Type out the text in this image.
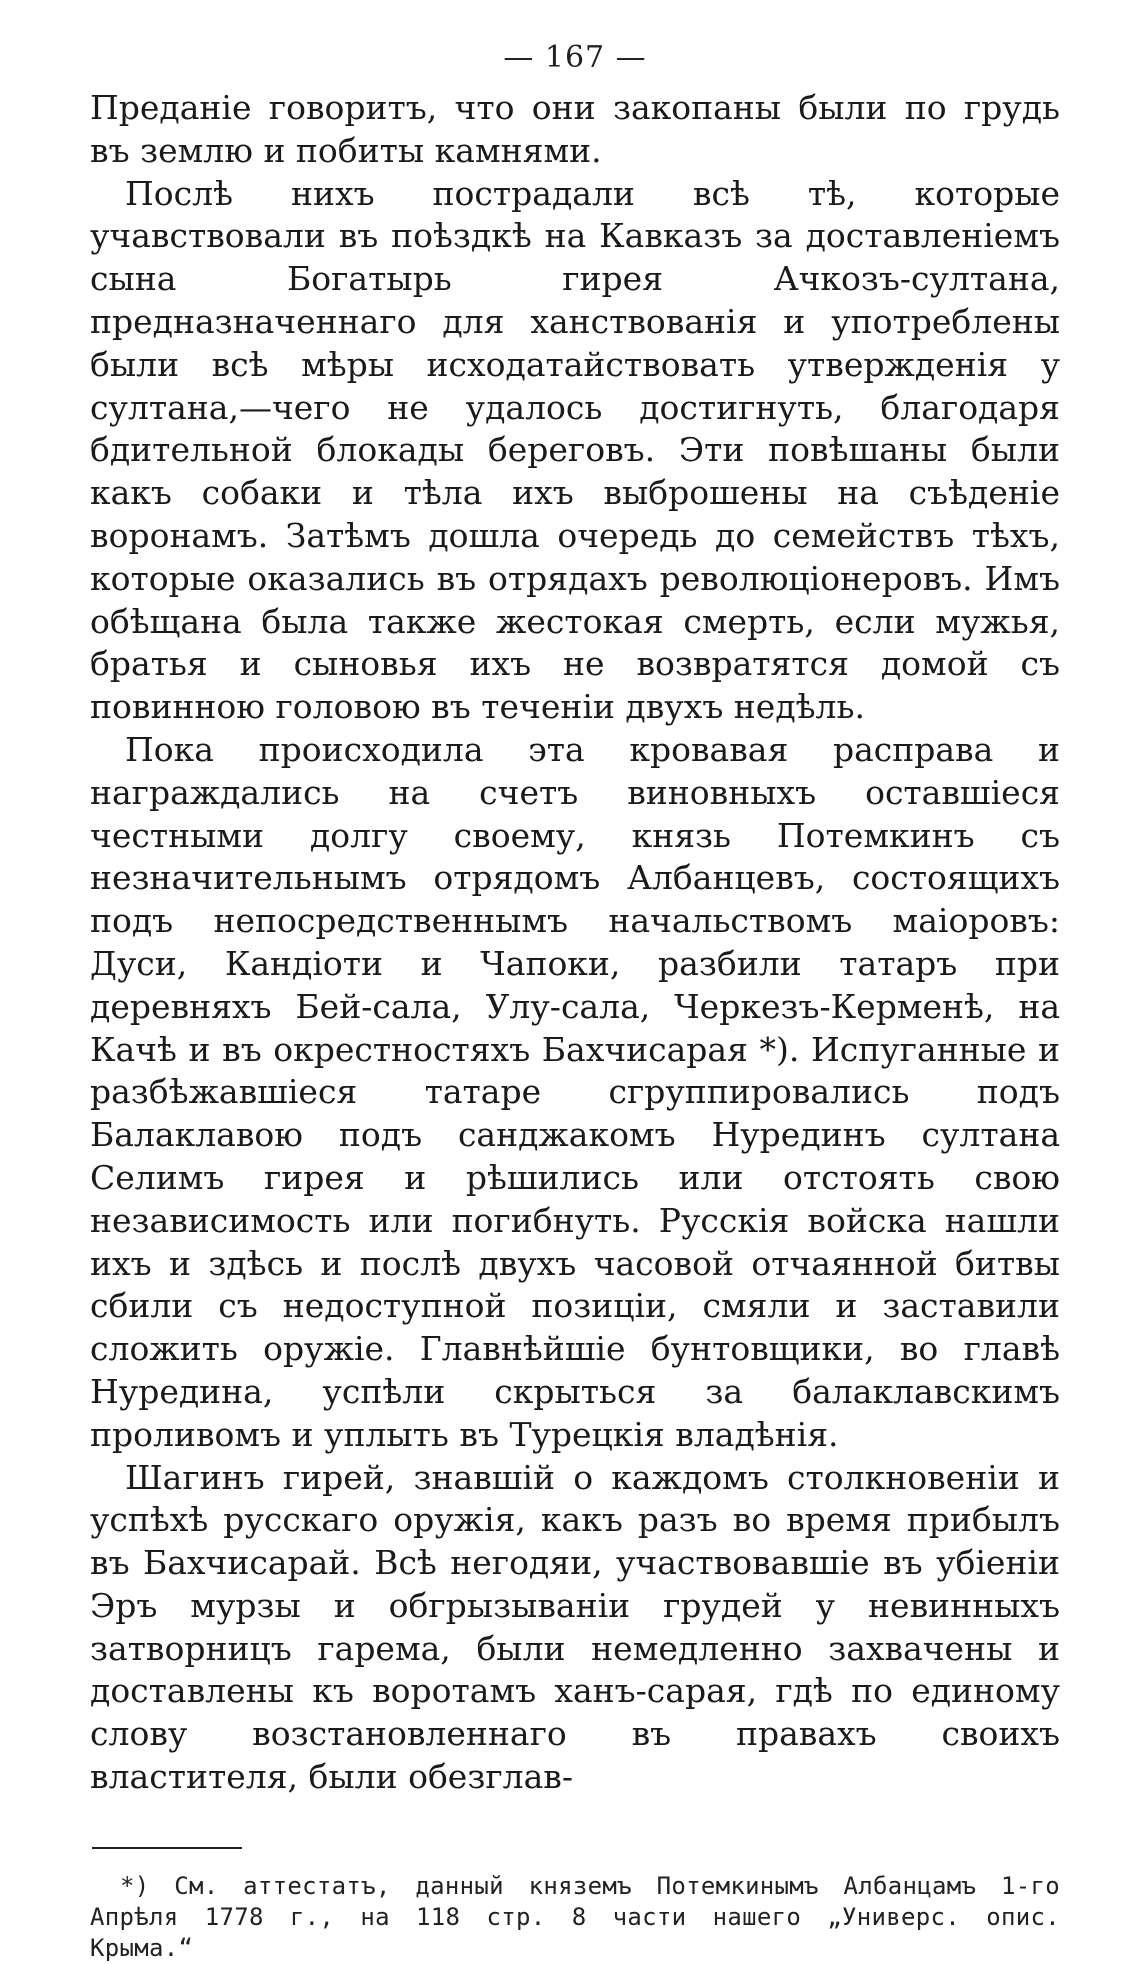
— 167 —

Преданіе говоритъ, что они закопаны были по грудь въ землю и побиты камнями.

Послѣ нихъ пострадали всѣ тѣ, которые учавствовали въ поѣздкѣ на Кавказъ за доставленіемъ сына Богатырь гирея Ачкозъ-султана, предназначеннаго для ханствованія и употреблены были всѣ мѣры исходатайствовать утвержденія у султана,—чего не удалось достигнуть, благодаря бдительной блокады береговъ. Эти повѣшаны были какъ собаки и тѣла ихъ выброшены на съѣденіе воронамъ. Затѣмъ дошла очередь до семействъ тѣхъ, которые оказались въ отрядахъ революціонеровъ. Имъ обѣщана была также жестокая смерть, если мужья, братья и сыновья ихъ не возвратятся домой съ повинною головою въ теченіи двухъ недѣль.

Пока происходила эта кровавая расправа и награждались на счетъ виновныхъ оставшіеся честными долгу своему, князь Потемкинъ съ незначительнымъ отрядомъ Албанцевъ, состоящихъ подъ непосредственнымъ начальствомъ маіоровъ: Дуси, Кандіоти и Чапоки, разбили татаръ при деревняхъ Бей-сала, Улу-сала, Черкезъ-Керменѣ, на Качѣ и въ окрестностяхъ Бахчисарая *). Испуганные и разбѣжавшіеся татаре сгруппировались подъ Балаклавою подъ санджакомъ Нурединъ султана Селимъ гирея и рѣшились или отстоять свою независимость или погибнуть. Русскія войска нашли ихъ и здѣсь и послѣ двухъ часовой отчаянной битвы сбили съ недоступной позиціи, смяли и заставили сложить оружіе. Главнѣйшіе бунтовщики, во главѣ Нуредина, успѣли скрыться за балаклавскимъ проливомъ и уплыть въ Турецкія владѣнія.

Шагинъ гирей, знавшій о каждомъ столкновеніи и успѣхѣ русскаго оружія, какъ разъ во время прибылъ въ Бахчисарай. Всѣ негодяи, участвовавшіе въ убіеніи Эръ мурзы и обгрызываніи грудей у невинныхъ затворницъ гарема, были немедленно захвачены и доставлены къ воротамъ ханъ-сарая, гдѣ по единому слову возстановленнаго въ правахъ своихъ властителя, были обезглав-

*) См. аттестатъ, данный княземъ Потемкинымъ Албанцамъ 1-го Апрѣля 1778 г., на 118 стр. 8 части нашего „Универс. опис. Крыма.“
